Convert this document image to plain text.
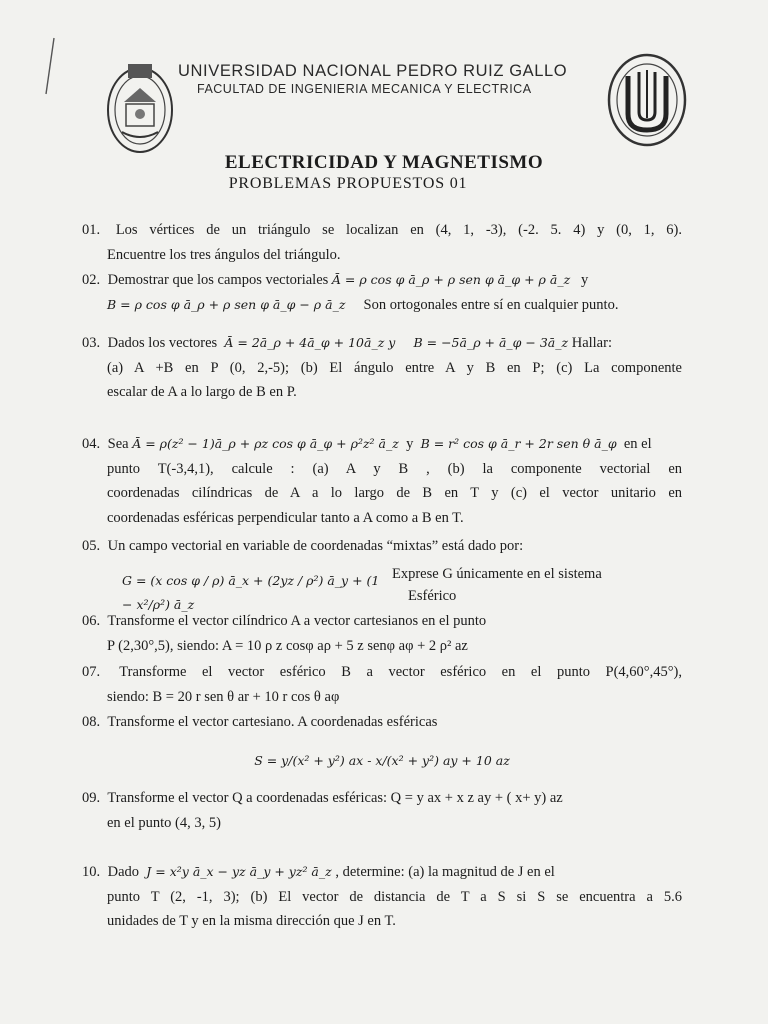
UNIVERSIDAD NACIONAL PEDRO RUIZ GALLO
FACULTAD DE INGENIERIA MECANICA Y ELECTRICA
ELECTRICIDAD Y MAGNETISMO
PROBLEMAS PROPUESTOS 01
01. Los vértices de un triángulo se localizan en (4, 1, -3), (-2. 5. 4) y (0, 1, 6).
Encuentre los tres ángulos del triángulo.
02. Demostrar que los campos vectoriales Ā = ρ cos φ ā_ρ + ρ sen φ ā_φ + ρ ā_z y
B = ρ cos φ ā_ρ + ρ sen φ ā_φ − ρ ā_z Son ortogonales entre sí en cualquier punto.
03. Dados los vectores Ā = 2ā_ρ + 4ā_φ + 10ā_z y B = −5ā_ρ + ā_φ − 3ā_z Hallar:
(a) A +B en P (0, 2,-5); (b) El ángulo entre A y B en P; (c) La componente
escalar de A a lo largo de B en P.
04. Sea Ā = ρ(z² − 1)ā_ρ + ρz cos φ ā_φ + ρ²z² ā_z y B = r² cos φ ā_r + 2r sen θ ā_φ en el
punto T(-3,4,1), calcule : (a) A y B , (b) la componente vectorial en
coordenadas cilíndricas de A a lo largo de B en T y (c) el vector unitario en
coordenadas esféricas perpendicular tanto a A como a B en T.
05. Un campo vectorial en variable de coordenadas “mixtas” está dado por:
G = (x cos φ / ρ) ā_x + (2yz / ρ²) ā_y + (1 − x²/ρ²) ā_z
Exprese G únicamente en el sistema
Esférico
06. Transforme el vector cilíndrico A a vector cartesianos en el punto
P (2,30°,5), siendo: A = 10 ρ z cosφ aρ + 5 z senφ aφ + 2 ρ² az
07. Transforme el vector esférico B a vector esférico en el punto P(4,60°,45°),
siendo: B = 20 r sen θ ar + 10 r cos θ aφ
08. Transforme el vector cartesiano. A coordenadas esféricas
S = y/(x² + y²) ax - x/(x² + y²) ay + 10 az
09. Transforme el vector Q a coordenadas esféricas: Q = y ax + x z ay + ( x+ y) az
en el punto (4, 3, 5)
10. Dado J = x²y ā_x − yz ā_y + yz² ā_z , determine: (a) la magnitud de J en el
punto T (2, -1, 3); (b) El vector de distancia de T a S si S se encuentra a 5.6
unidades de T y en la misma dirección que J en T.
